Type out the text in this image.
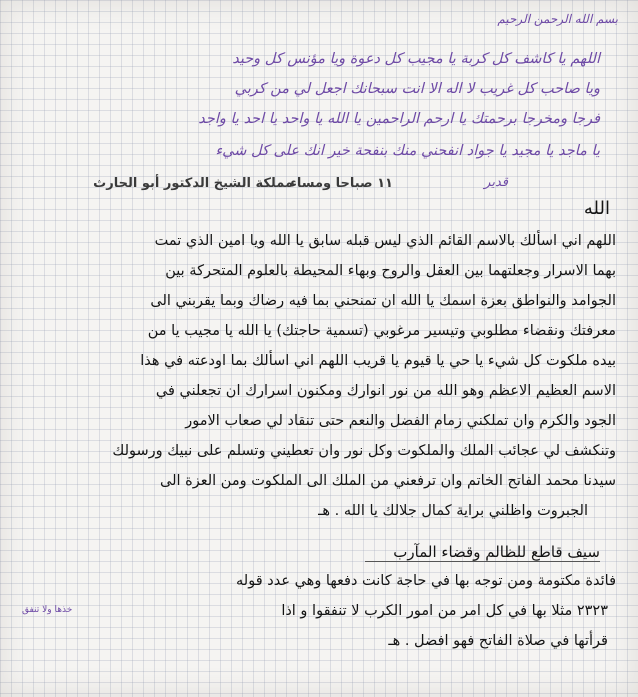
بسم الله الرحمن الرحيم
اللهم يا كاشف كل كربة يا مجيب كل دعوة ويا مؤنس كل وحيد
ويا صاحب كل غريب لا اله الا انت سبحانك اجعل لي من كربي
فرجا ومخرجا برحمتك يا ارحم الراحمين يا الله يا واحد يا احد يا واجد
يا ماجد يا مجيد يا جواد انفحني منك بنفحة خير انك على كل شيء
قدير
١١ صباحا ومساء
مملكة الشيخ الدكتور أبو الحارث
الله
اللهم اني اسألك بالاسم القائم الذي ليس قبله سابق يا الله ويا امين الذي تمت
بهما الاسرار وجعلتهما بين العقل والروح وبهاء المحيطة بالعلوم المتحركة بين
الجوامد والنواطق بعزة اسمك يا الله ان تمنحني بما فيه رضاك وبما يقربني الى
معرفتك ونقضاء مطلوبي وتيسير مرغوبي (تسمية حاجتك) يا الله يا مجيب يا من
بيده ملكوت كل شيء يا حي يا قيوم يا قريب اللهم اني اسألك بما اودعته في هذا
الاسم العظيم الاعظم وهو الله من نور انوارك ومكنون اسرارك ان تجعلني في
الجود والكرم وان تملكني زمام الفضل والنعم حتى تنقاد لي صعاب الامور
وتنكشف لي عجائب الملك والملكوت وكل نور وان تعطيني وتسلم على نبيك ورسولك
سيدنا محمد الفاتح الخاتم وان ترفعني من الملك الى الملكوت ومن العزة الى
الجبروت واظلني براية كمال جلالك يا الله . هـ
سيف قاطع للظالم وقضاء المآرب
فائدة مكتومة ومن توجه بها في حاجة كانت دفعها وهي عدد قوله
٢٣٢٣ مثلا بها في كل امر من امور الكرب لا تنفقوا و اذا
خذها ولا تنفق
قرأتها في صلاة الفاتح فهو افضل . هـ
